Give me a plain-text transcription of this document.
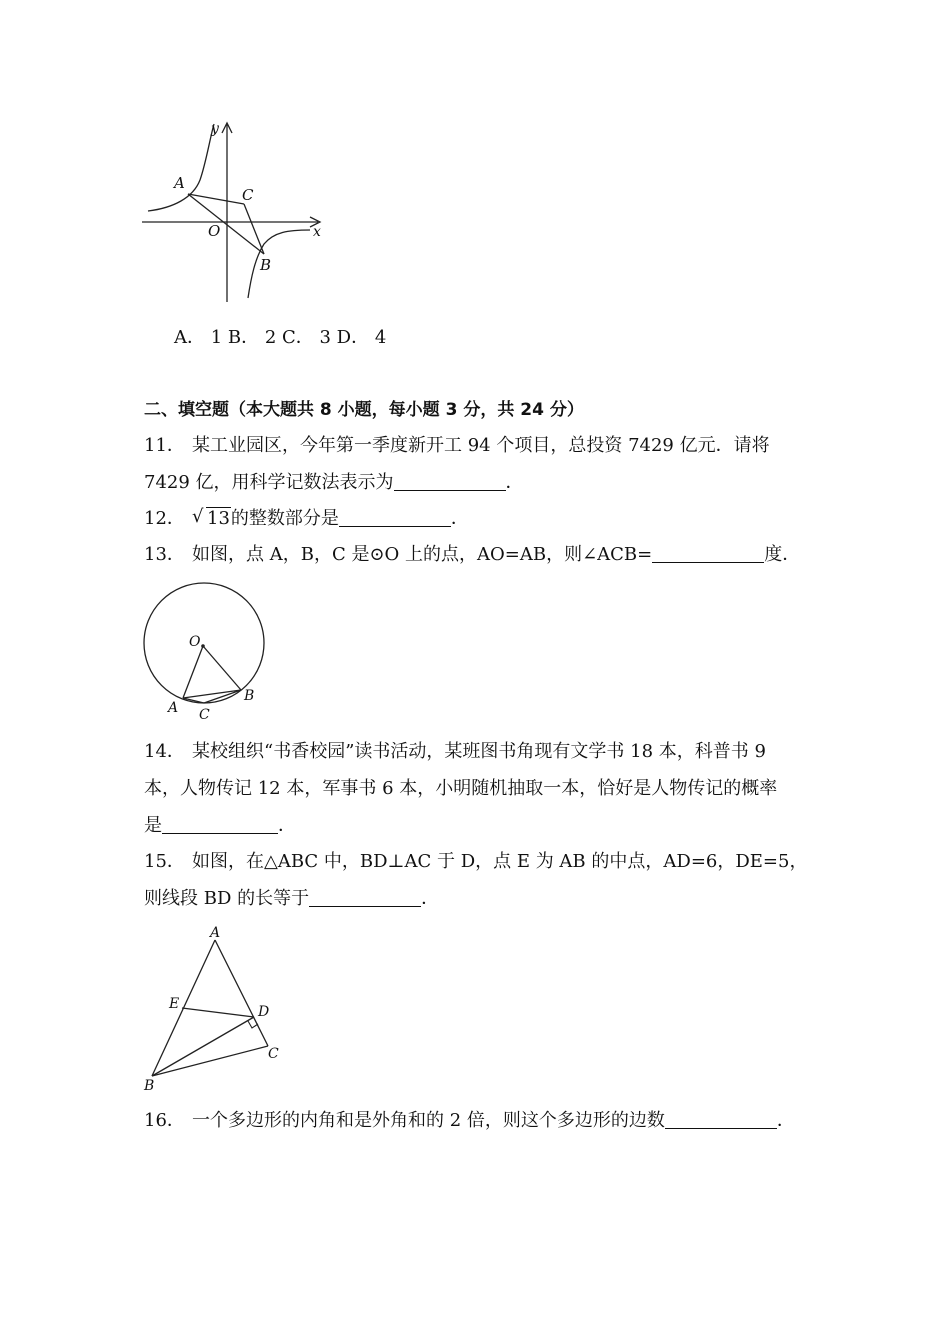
y
x
O
A
C
B
A． 1 B． 2 C． 3 D． 4
二、填空题（本大题共 8 小题，每小题 3 分，共 24 分）
11． 某工业园区，今年第一季度新开工 94 个项目，总投资 7429 亿元．请将
7429 亿，用科学记数法表示为	．
12． √ 13的整数部分是	．
13． 如图，点 A，B，C 是⊙O 上的点，AO=AB，则∠ACB=	度．
O
A C
B
14． 某校组织“书香校园”读书活动，某班图书角现有文学书 18 本，科普书 9
本，人物传记 12 本，军事书 6 本，小明随机抽取一本，恰好是人物传记的概率
是	．
15． 如图，在△ABC 中，BD⊥AC 于 D，点 E 为 AB 的中点，AD=6，DE=5，
则线段 BD 的长等于	．
A
E	D
C
B
16． 一个多边形的内角和是外角和的 2 倍，则这个多边形的边数	．
